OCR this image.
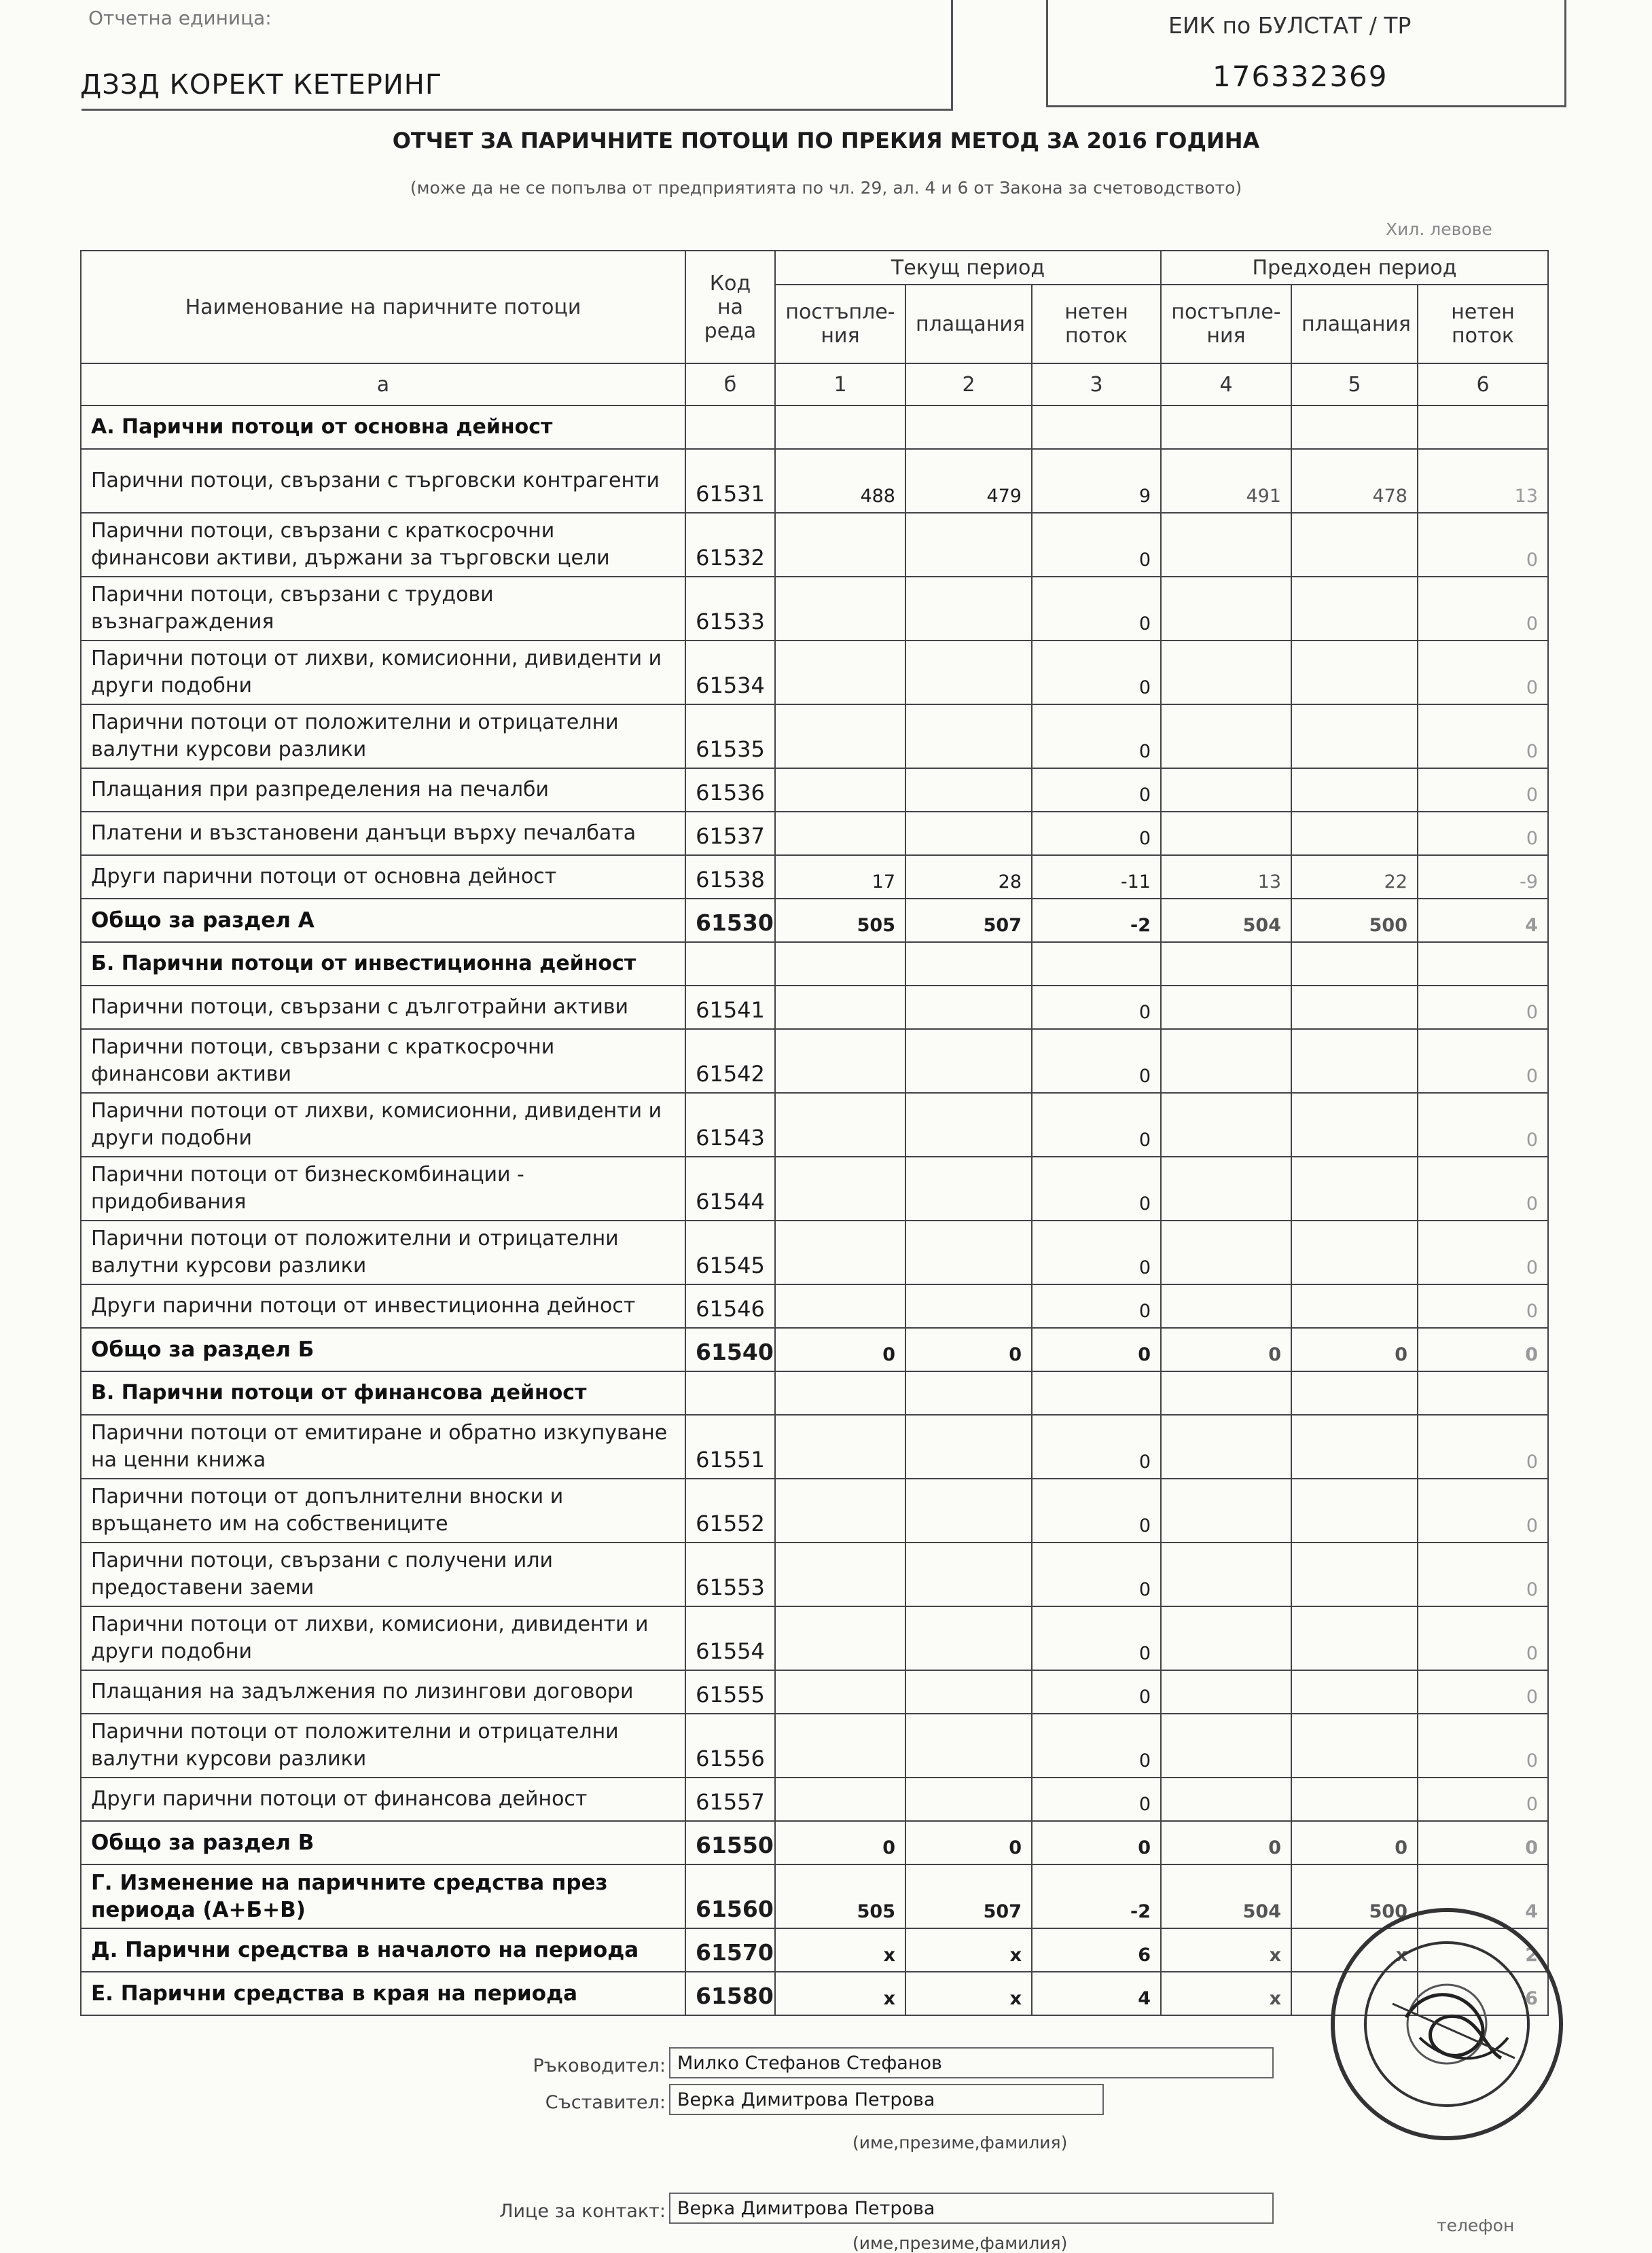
Отчетна единица:
ДЗЗД КОРЕКТ КЕТЕРИНГ
ЕИК по БУЛСТАТ / ТР
176332369
ОТЧЕТ ЗА ПАРИЧНИТЕ ПОТОЦИ ПО ПРЕКИЯ МЕТОД ЗА 2016 ГОДИНА
(може да не се попълва от предприятията по чл. 29, ал. 4 и 6 от Закона за счетоводството)
Хил. левове
Наименование на паричните потоци	Код на реда	Текущ период			Предходен период		
		постъпле- ния	плащания	нетен поток	постъпле- ния	плащания	нетен поток
а	б	1	2	3	4	5	6
А. Парични потоци от основна дейност							
Парични потоци, свързани с търговски контрагенти	61531	488	479	9	491	478	13
Парични потоци, свързани с краткосрочни финансови активи, държани за търговски цели	61532			0			0
Парични потоци, свързани с трудови възнаграждения	61533			0			0
Парични потоци от лихви, комисионни, дивиденти и други подобни	61534			0			0
Парични потоци от положителни и отрицателни валутни курсови разлики	61535			0			0
Плащания при разпределения на печалби	61536			0			0
Платени и възстановени данъци върху печалбата	61537			0			0
Други парични потоци от основна дейност	61538	17	28	-11	13	22	-9
Общо за раздел А	61530	505	507	-2	504	500	4
Б. Парични потоци от инвестиционна дейност							
Парични потоци, свързани с дълготрайни активи	61541			0			0
Парични потоци, свързани с краткосрочни финансови активи	61542			0			0
Парични потоци от лихви, комисионни, дивиденти и други подобни	61543			0			0
Парични потоци от бизнескомбинации - придобивания	61544			0			0
Парични потоци от положителни и отрицателни валутни курсови разлики	61545			0			0
Други парични потоци от инвестиционна дейност	61546			0			0
Общо за раздел Б	61540	0	0	0	0	0	0
В. Парични потоци от финансова дейност							
Парични потоци от емитиране и обратно изкупуване на ценни книжа	61551			0			0
Парични потоци от допълнителни вноски и връщането им на собствениците	61552			0			0
Парични потоци, свързани с получени или предоставени заеми	61553			0			0
Парични потоци от лихви, комисиони, дивиденти и други подобни	61554			0			0
Плащания на задължения по лизингови договори	61555			0			0
Парични потоци от положителни и отрицателни валутни курсови разлики	61556			0			0
Други парични потоци от финансова дейност	61557			0			0
Общо за раздел В	61550	0	0	0	0	0	0
Г. Изменение на паричните средства през периода (А+Б+В)	61560	505	507	-2	504	500	4
Д. Парични средства в началото на периода	61570	x	x	6	x	x	2
Е. Парични средства в края на периода	61580	x	x	4	x		6
Ръководител: Милко Стефанов Стефанов
Съставител: Верка Димитрова Петрова
(име,презиме,фамилия)
Лице за контакт: Верка Димитрова Петрова
(име,презиме,фамилия)
телефон
